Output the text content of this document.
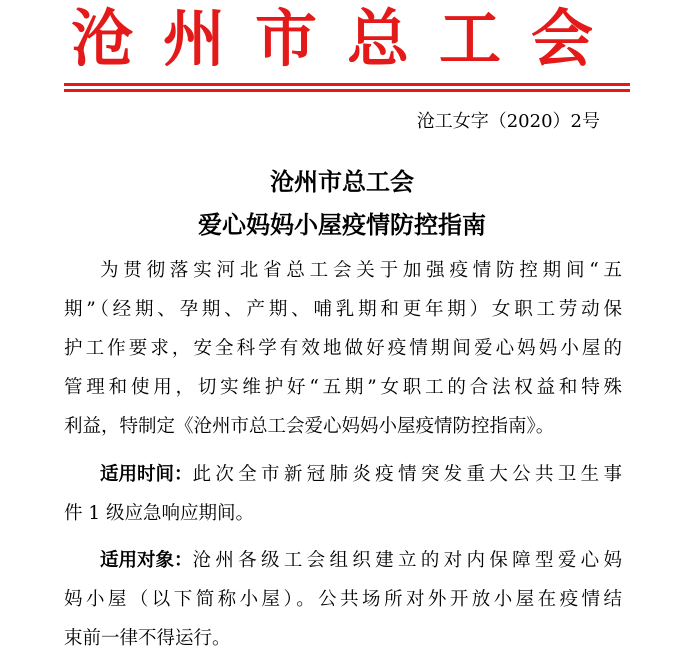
沧州市总工会
沧工女字（2020）2号
沧州市总工会
爱心妈妈小屋疫情防控指南
为贯彻落实河北省总工会关于加强疫情防控期间“五
期”（经期、孕期、产期、哺乳期和更年期）女职工劳动保
护工作要求，安全科学有效地做好疫情期间爱心妈妈小屋的
管理和使用，切实维护好“五期”女职工的合法权益和特殊
利益，特制定《沧州市总工会爱心妈妈小屋疫情防控指南》。
适用时间： 此次全市新冠肺炎疫情突发重大公共卫生事
件 1 级应急响应期间。
适用对象： 沧州各级工会组织建立的对内保障型爱心妈
妈小屋（以下简称小屋）。公共场所对外开放小屋在疫情结
束前一律不得运行。
